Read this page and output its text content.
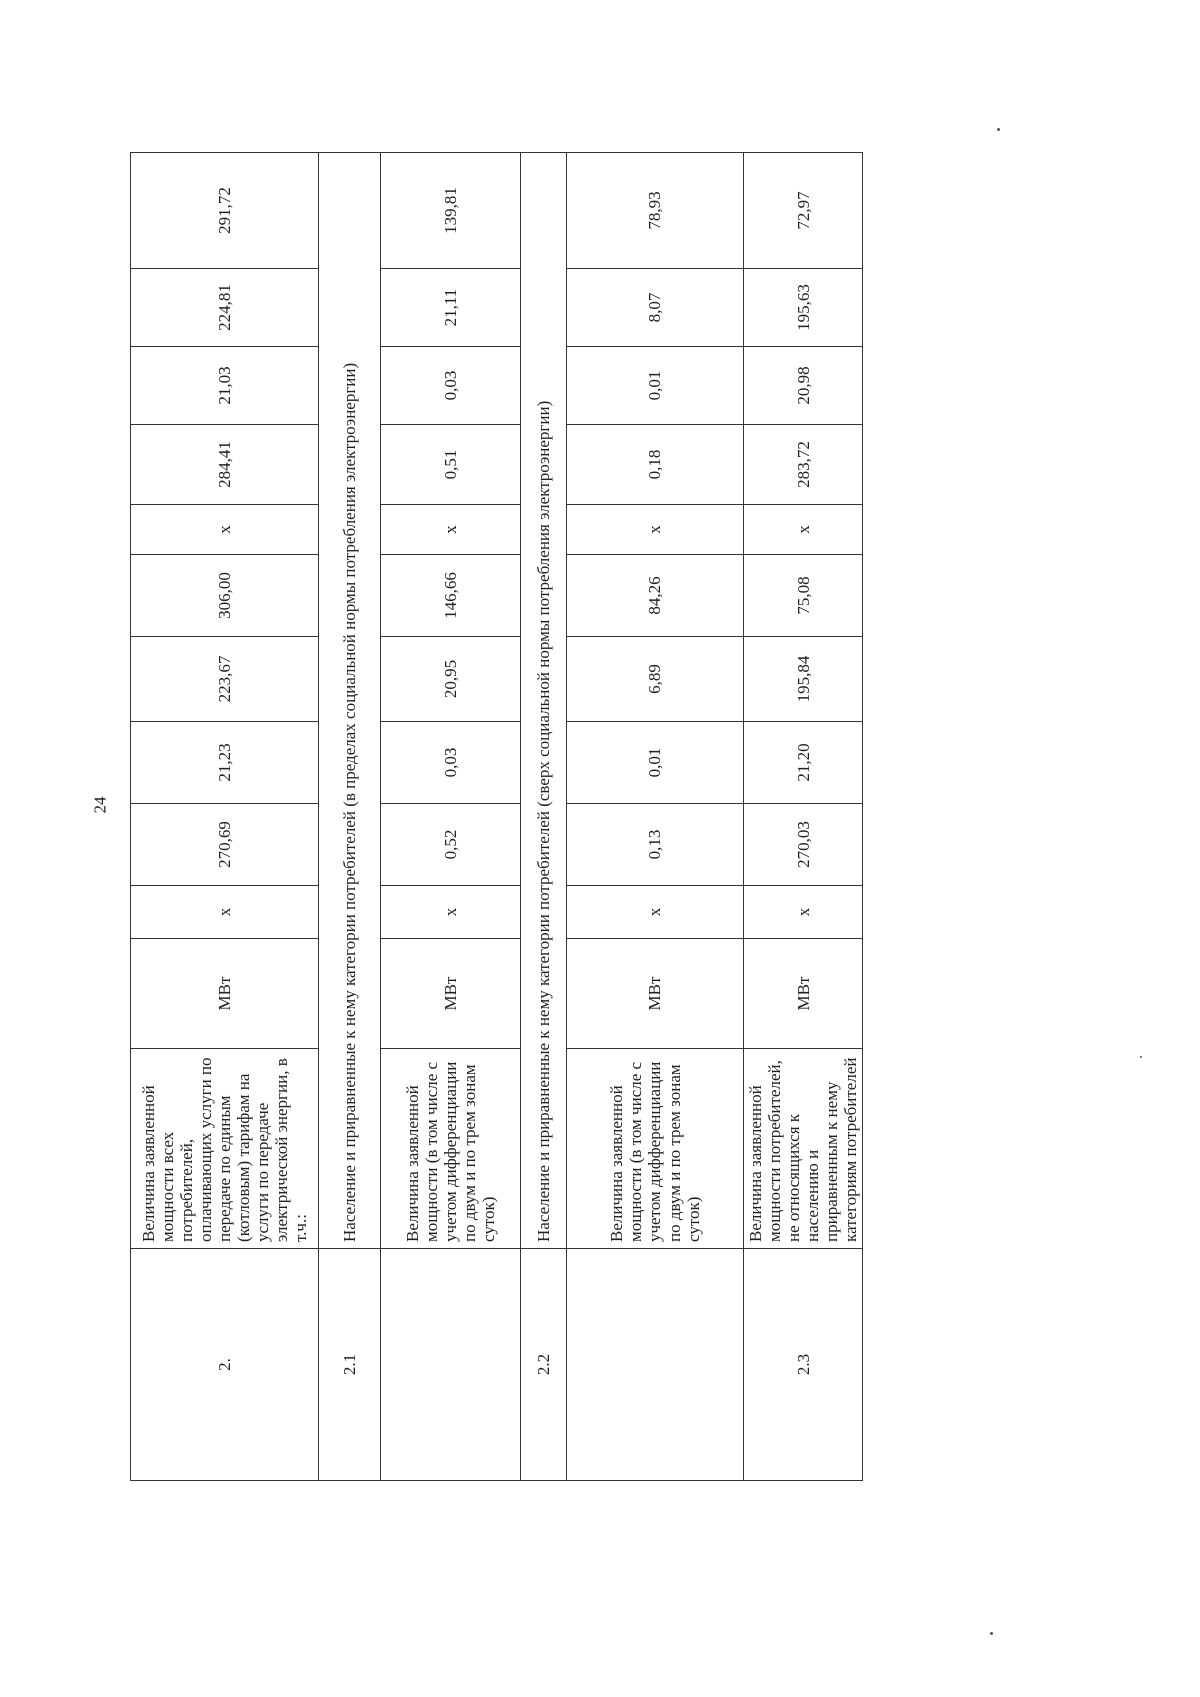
24
2.	Величина заявленной мощности всех потребителей, оплачивающих услуги по передаче по единым (котловым) тарифам на услуги по передаче электрической энергии, в т.ч.:	МВт	x	270,69	21,23	223,67	306,00	x	284,41	21,03	224,81	291,72
2.1	Население и приравненные к нему категории потребителей (в пределах социальной нормы потребления электроэнергии)											
	Величина заявленной мощности (в том числе с учетом дифференциации по двум и по трем зонам суток)	МВт	x	0,52	0,03	20,95	146,66	x	0,51	0,03	21,11	139,81
2.2	Население и приравненные к нему категории потребителей (сверх социальной нормы потребления электроэнергии)											
	Величина заявленной мощности (в том числе с учетом дифференциации по двум и по трем зонам суток)	МВт	x	0,13	0,01	6,89	84,26	x	0,18	0,01	8,07	78,93
2.3	Величина заявленной мощности потребителей, не относящихся к населению и приравненным к нему категориям потребителей	МВт	x	270,03	21,20	195,84	75,08	x	283,72	20,98	195,63	72,97
